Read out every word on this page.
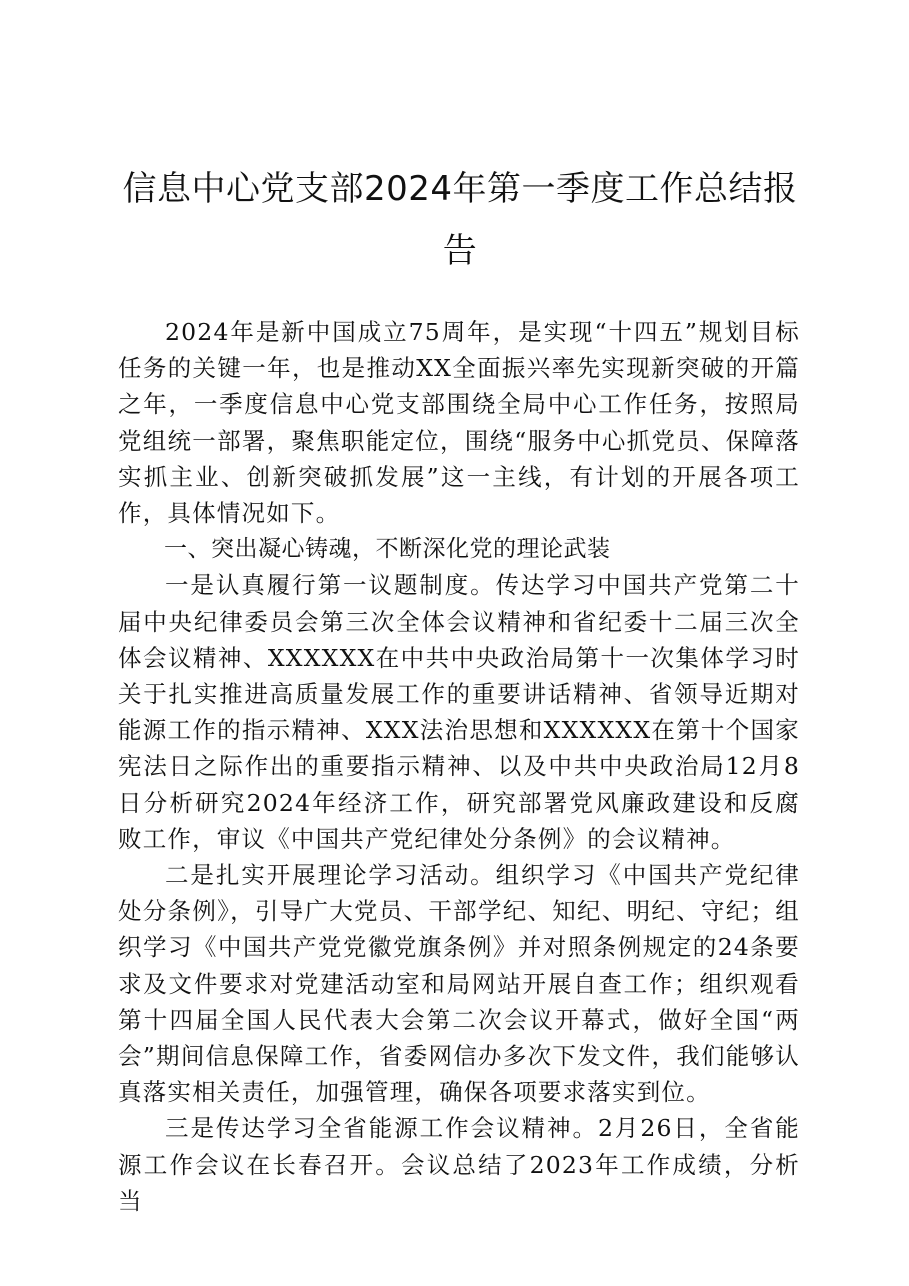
信息中心党支部2024年第一季度工作总结报告

2024年是新中国成立75周年，是实现“十四五”规划目标任务的关键一年，也是推动XX全面振兴率先实现新突破的开篇之年，一季度信息中心党支部围绕全局中心工作任务，按照局党组统一部署，聚焦职能定位，围绕“服务中心抓党员、保障落实抓主业、创新突破抓发展”这一主线，有计划的开展各项工作，具体情况如下。

一、突出凝心铸魂，不断深化党的理论武装

一是认真履行第一议题制度。传达学习中国共产党第二十届中央纪律委员会第三次全体会议精神和省纪委十二届三次全体会议精神、XXXXXX在中共中央政治局第十一次集体学习时关于扎实推进高质量发展工作的重要讲话精神、省领导近期对能源工作的指示精神、XXX法治思想和XXXXXX在第十个国家宪法日之际作出的重要指示精神、以及中共中央政治局12月8日分析研究2024年经济工作，研究部署党风廉政建设和反腐败工作，审议《中国共产党纪律处分条例》的会议精神。

二是扎实开展理论学习活动。组织学习《中国共产党纪律处分条例》，引导广大党员、干部学纪、知纪、明纪、守纪；组织学习《中国共产党党徽党旗条例》并对照条例规定的24条要求及文件要求对党建活动室和局网站开展自查工作；组织观看第十四届全国人民代表大会第二次会议开幕式，做好全国“两会”期间信息保障工作，省委网信办多次下发文件，我们能够认真落实相关责任，加强管理，确保各项要求落实到位。

三是传达学习全省能源工作会议精神。2月26日，全省能源工作会议在长春召开。会议总结了2023年工作成绩，分析当
